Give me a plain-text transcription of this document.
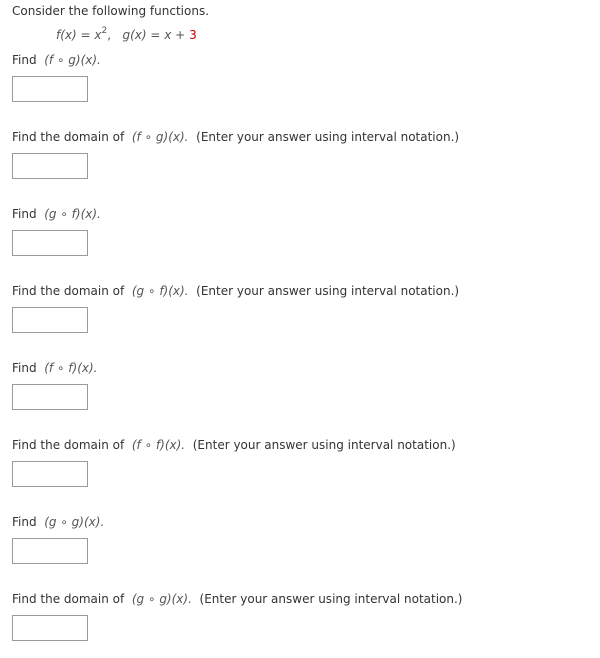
Consider the following functions.
$f(x) = x^2$, g(x) = x + 3
Find (f ∘ g)(x).
Find the domain of (f ∘ g)(x). (Enter your answer using interval notation.)
Find (g ∘ f)(x).
Find the domain of (g ∘ f)(x). (Enter your answer using interval notation.)
Find (f ∘ f)(x).
Find the domain of (f ∘ f)(x). (Enter your answer using interval notation.)
Find (g ∘ g)(x).
Find the domain of (g ∘ g)(x). (Enter your answer using interval notation.)
